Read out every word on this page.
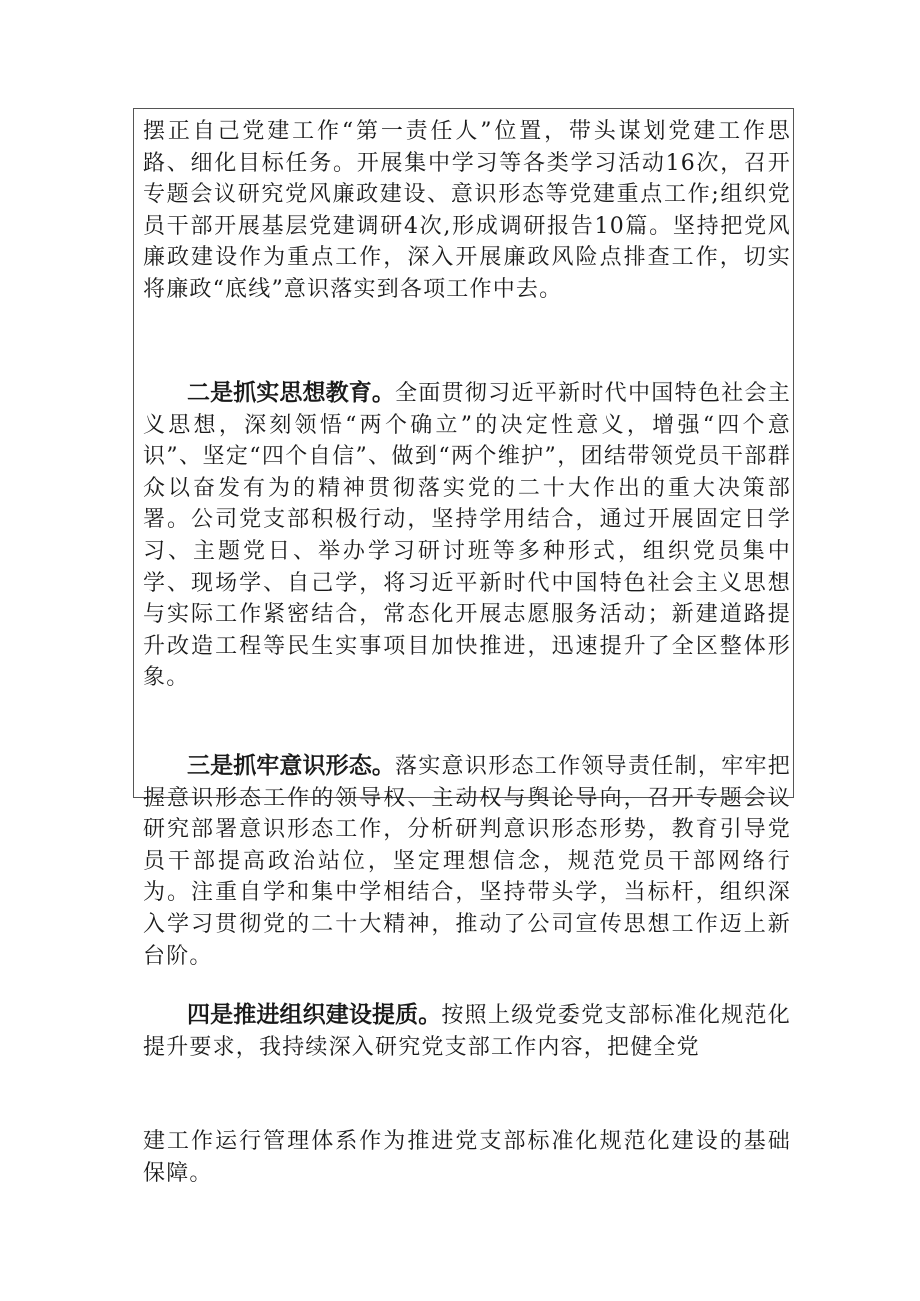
摆正自己党建工作“第一责任人”位置，带头谋划党建工作思路、细化目标任务。开展集中学习等各类学习活动16次，召开专题会议研究党风廉政建设、意识形态等党建重点工作;组织党员干部开展基层党建调研4次,形成调研报告10篇。坚持把党风廉政建设作为重点工作，深入开展廉政风险点排查工作，切实将廉政“底线”意识落实到各项工作中去。

二是抓实思想教育。全面贯彻习近平新时代中国特色社会主义思想，深刻领悟“两个确立”的决定性意义，增强“四个意识”、坚定“四个自信”、做到“两个维护”，团结带领党员干部群众以奋发有为的精神贯彻落实党的二十大作出的重大决策部署。公司党支部积极行动，坚持学用结合，通过开展固定日学习、主题党日、举办学习研讨班等多种形式，组织党员集中学、现场学、自己学，将习近平新时代中国特色社会主义思想与实际工作紧密结合，常态化开展志愿服务活动；新建道路提升改造工程等民生实事项目加快推进，迅速提升了全区整体形象。

三是抓牢意识形态。落实意识形态工作领导责任制，牢牢把握意识形态工作的领导权、主动权与舆论导向，召开专题会议研究部署意识形态工作，分析研判意识形态形势，教育引导党员干部提高政治站位，坚定理想信念，规范党员干部网络行为。注重自学和集中学相结合，坚持带头学，当标杆，组织深入学习贯彻党的二十大精神，推动了公司宣传思想工作迈上新台阶。

四是推进组织建设提质。按照上级党委党支部标准化规范化提升要求，我持续深入研究党支部工作内容，把健全党

建工作运行管理体系作为推进党支部标准化规范化建设的基础保障。
